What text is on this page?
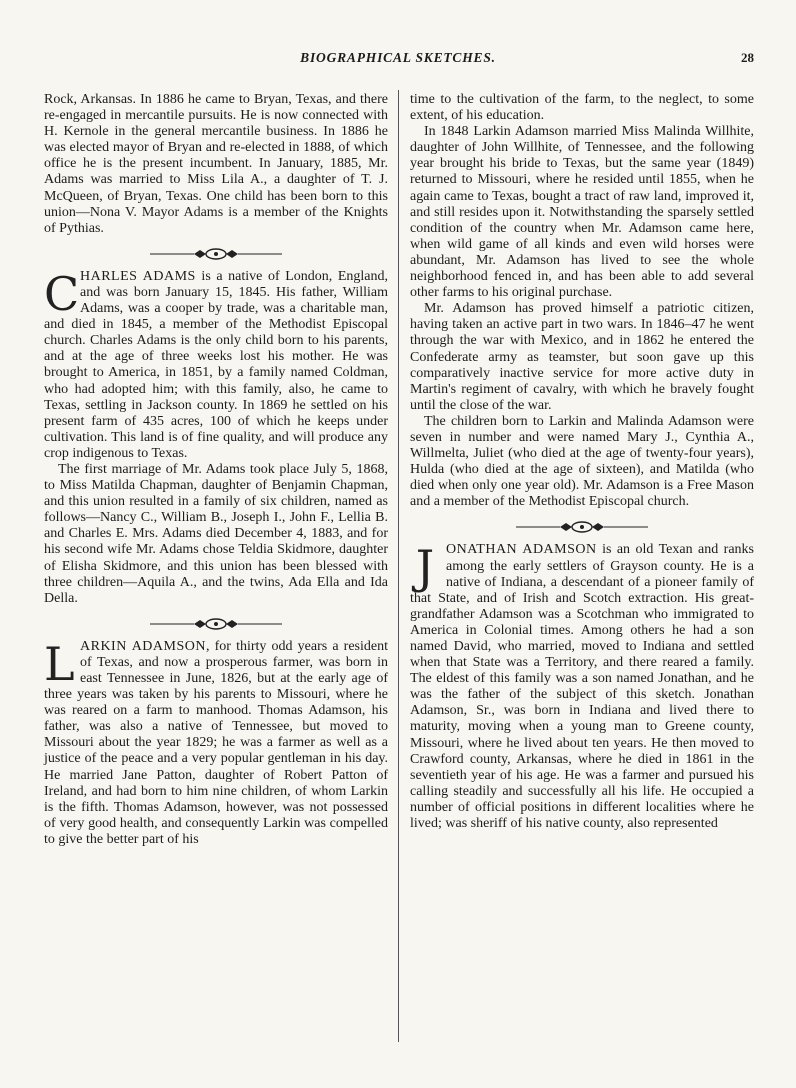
BIOGRAPHICAL SKETCHES.	28

Rock, Arkansas. In 1886 he came to Bryan, Texas, and there re-engaged in mercantile pursuits. He is now connected with H. Kernole in the general mercantile business. In 1886 he was elected mayor of Bryan and re-elected in 1888, of which office he is the present incumbent. In January, 1885, Mr. Adams was married to Miss Lila A., a daughter of T. J. McQueen, of Bryan, Texas. One child has been born to this union—Nona V. Mayor Adams is a member of the Knights of Pythias.

CHARLES ADAMS is a native of London, England, and was born January 15, 1845. His father, William Adams, was a cooper by trade, was a charitable man, and died in 1845, a member of the Methodist Episcopal church. Charles Adams is the only child born to his parents, and at the age of three weeks lost his mother. He was brought to America, in 1851, by a family named Coldman, who had adopted him; with this family, also, he came to Texas, settling in Jackson county. In 1869 he settled on his present farm of 435 acres, 100 of which he keeps under cultivation. This land is of fine quality, and will produce any crop indigenous to Texas.

The first marriage of Mr. Adams took place July 5, 1868, to Miss Matilda Chapman, daughter of Benjamin Chapman, and this union resulted in a family of six children, named as follows—Nancy C., William B., Joseph I., John F., Lellia B. and Charles E. Mrs. Adams died December 4, 1883, and for his second wife Mr. Adams chose Teldia Skidmore, daughter of Elisha Skidmore, and this union has been blessed with three children—Aquila A., and the twins, Ada Ella and Ida Della.

LARKIN ADAMSON, for thirty odd years a resident of Texas, and now a prosperous farmer, was born in east Tennessee in June, 1826, but at the early age of three years was taken by his parents to Missouri, where he was reared on a farm to manhood. Thomas Adamson, his father, was also a native of Tennessee, but moved to Missouri about the year 1829; he was a farmer as well as a justice of the peace and a very popular gentleman in his day. He married Jane Patton, daughter of Robert Patton of Ireland, and had born to him nine children, of whom Larkin is the fifth. Thomas Adamson, however, was not possessed of very good health, and consequently Larkin was compelled to give the better part of his

time to the cultivation of the farm, to the neglect, to some extent, of his education.

In 1848 Larkin Adamson married Miss Malinda Willhite, daughter of John Willhite, of Tennessee, and the following year brought his bride to Texas, but the same year (1849) returned to Missouri, where he resided until 1855, when he again came to Texas, bought a tract of raw land, improved it, and still resides upon it. Notwithstanding the sparsely settled condition of the country when Mr. Adamson came here, when wild game of all kinds and even wild horses were abundant, Mr. Adamson has lived to see the whole neighborhood fenced in, and has been able to add several other farms to his original purchase.

Mr. Adamson has proved himself a patriotic citizen, having taken an active part in two wars. In 1846–47 he went through the war with Mexico, and in 1862 he entered the Confederate army as teamster, but soon gave up this comparatively inactive service for more active duty in Martin's regiment of cavalry, with which he bravely fought until the close of the war.

The children born to Larkin and Malinda Adamson were seven in number and were named Mary J., Cynthia A., Willmelta, Juliet (who died at the age of twenty-four years), Hulda (who died at the age of sixteen), and Matilda (who died when only one year old). Mr. Adamson is a Free Mason and a member of the Methodist Episcopal church.

JONATHAN ADAMSON is an old Texan and ranks among the early settlers of Grayson county. He is a native of Indiana, a descendant of a pioneer family of that State, and of Irish and Scotch extraction. His great-grandfather Adamson was a Scotchman who immigrated to America in Colonial times. Among others he had a son named David, who married, moved to Indiana and settled when that State was a Territory, and there reared a family. The eldest of this family was a son named Jonathan, and he was the father of the subject of this sketch. Jonathan Adamson, Sr., was born in Indiana and lived there to maturity, moving when a young man to Greene county, Missouri, where he lived about ten years. He then moved to Crawford county, Arkansas, where he died in 1861 in the seventieth year of his age. He was a farmer and pursued his calling steadily and successfully all his life. He occupied a number of official positions in different localities where he lived; was sheriff of his native county, also represented
